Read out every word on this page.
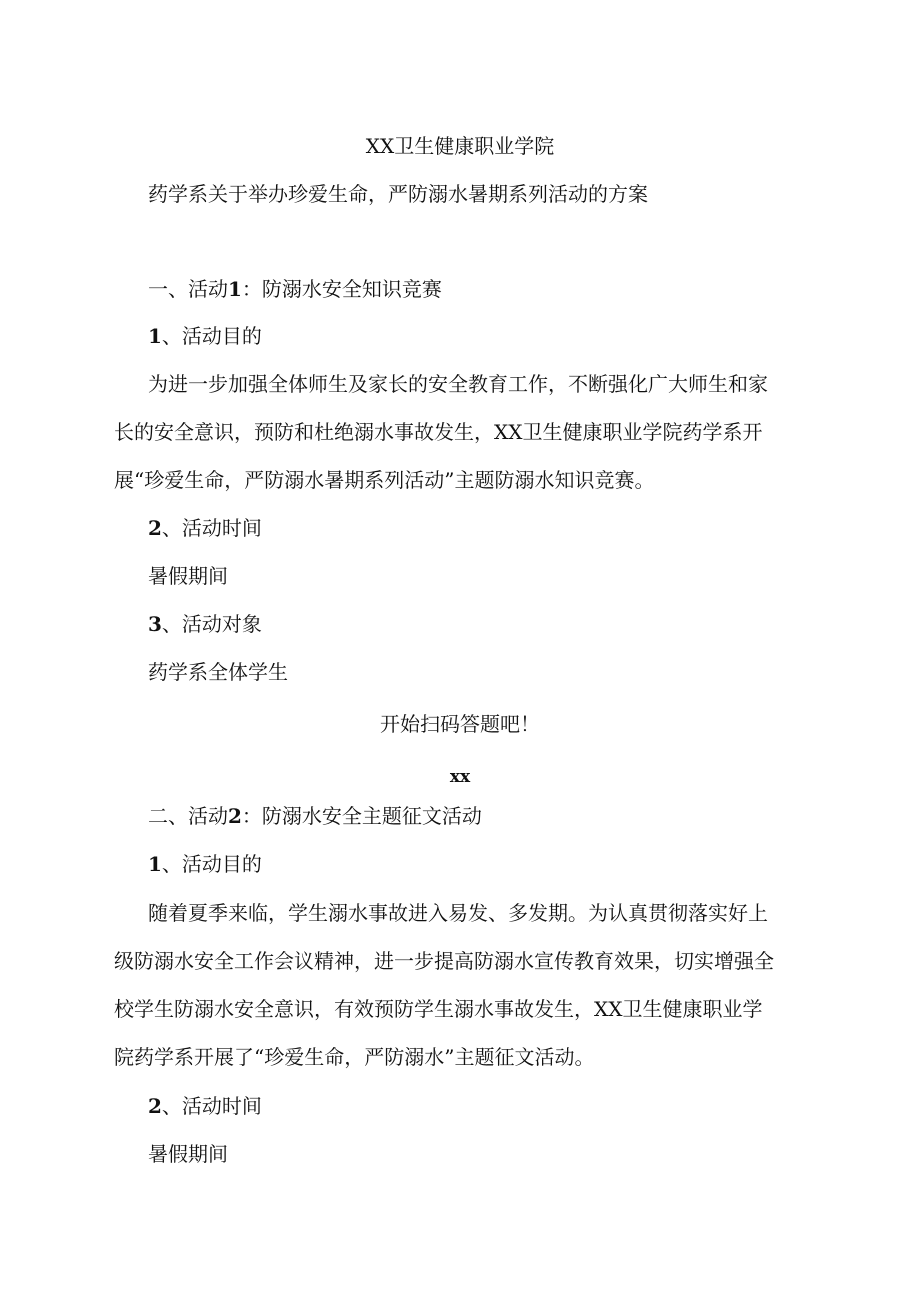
XX卫生健康职业学院
药学系关于举办珍爱生命，严防溺水暑期系列活动的方案
一、活动1：防溺水安全知识竞赛
1、活动目的
为进一步加强全体师生及家长的安全教育工作，不断强化广大师生和家
长的安全意识，预防和杜绝溺水事故发生，XX卫生健康职业学院药学系开
展“珍爱生命，严防溺水暑期系列活动”主题防溺水知识竞赛。
2、活动时间
暑假期间
3、活动对象
药学系全体学生
开始扫码答题吧！
xx
二、活动2：防溺水安全主题征文活动
1、活动目的
随着夏季来临，学生溺水事故进入易发、多发期。为认真贯彻落实好上
级防溺水安全工作会议精神，进一步提高防溺水宣传教育效果，切实增强全
校学生防溺水安全意识，有效预防学生溺水事故发生，XX卫生健康职业学
院药学系开展了“珍爱生命，严防溺水”主题征文活动。
2、活动时间
暑假期间
